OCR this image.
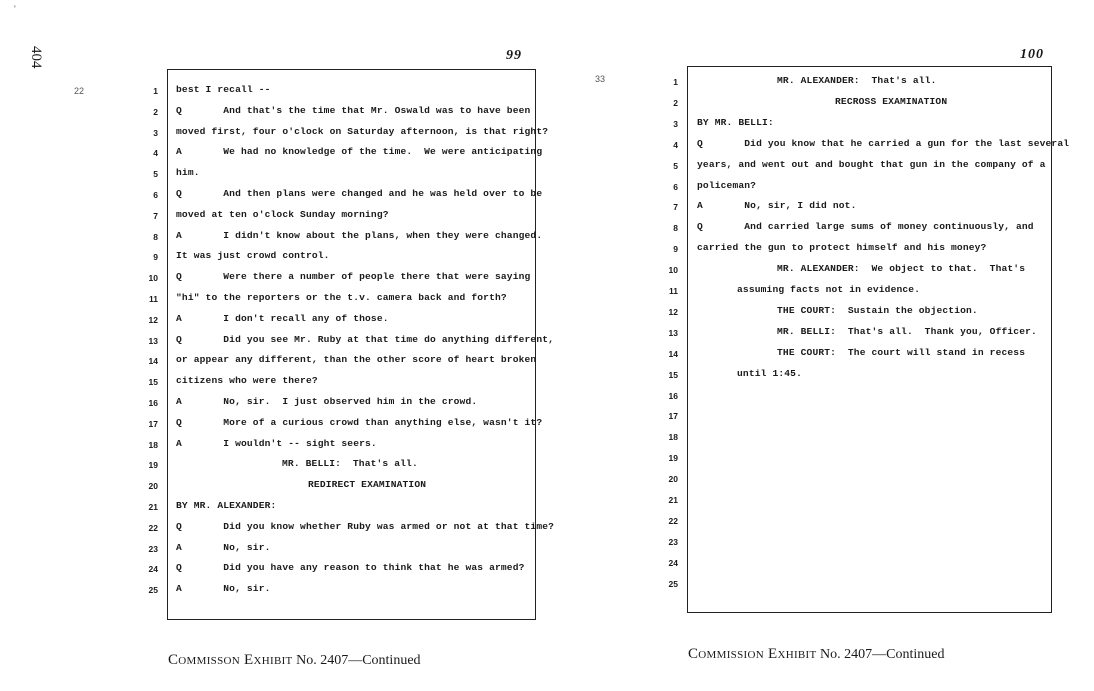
'
404
22
33
99
1 best I recall --
2 Q       And that's the time that Mr. Oswald was to have been
3 moved first, four o'clock on Saturday afternoon, is that right?
4 A       We had no knowledge of the time.  We were anticipating
5 him.
6 Q       And then plans were changed and he was held over to be
7 moved at ten o'clock Sunday morning?
8 A       I didn't know about the plans, when they were changed.
9 It was just crowd control.
10 Q       Were there a number of people there that were saying
11 "hi" to the reporters or the t.v. camera back and forth?
12 A       I don't recall any of those.
13 Q       Did you see Mr. Ruby at that time do anything different,
14 or appear any different, than the other score of heart broken
15 citizens who were there?
16 A       No, sir.  I just observed him in the crowd.
17 Q       More of a curious crowd than anything else, wasn't it?
18 A       I wouldn't -- sight seers.
19	MR. BELLI:  That's all.
20	REDIRECT EXAMINATION
21 BY MR. ALEXANDER:
22 Q       Did you know whether Ruby was armed or not at that time?
23 A       No, sir.
24 Q       Did you have any reason to think that he was armed?
25 A       No, sir.
Commisson Exhibit No. 2407—Continued
100
1	MR. ALEXANDER:  That's all.
2	RECROSS EXAMINATION
3 BY MR. BELLI:
4 Q       Did you know that he carried a gun for the last several
5 years, and went out and bought that gun in the company of a
6 policeman?
7 A       No, sir, I did not.
8 Q       And carried large sums of money continuously, and
9 carried the gun to protect himself and his money?
10	MR. ALEXANDER:  We object to that.  That's
11	assuming facts not in evidence.
12	THE COURT:  Sustain the objection.
13	MR. BELLI:  That's all.  Thank you, Officer.
14	THE COURT:  The court will stand in recess
15	until 1:45.
16
17
18
19
20
21
22
23
24
25
Commission Exhibit No. 2407—Continued
